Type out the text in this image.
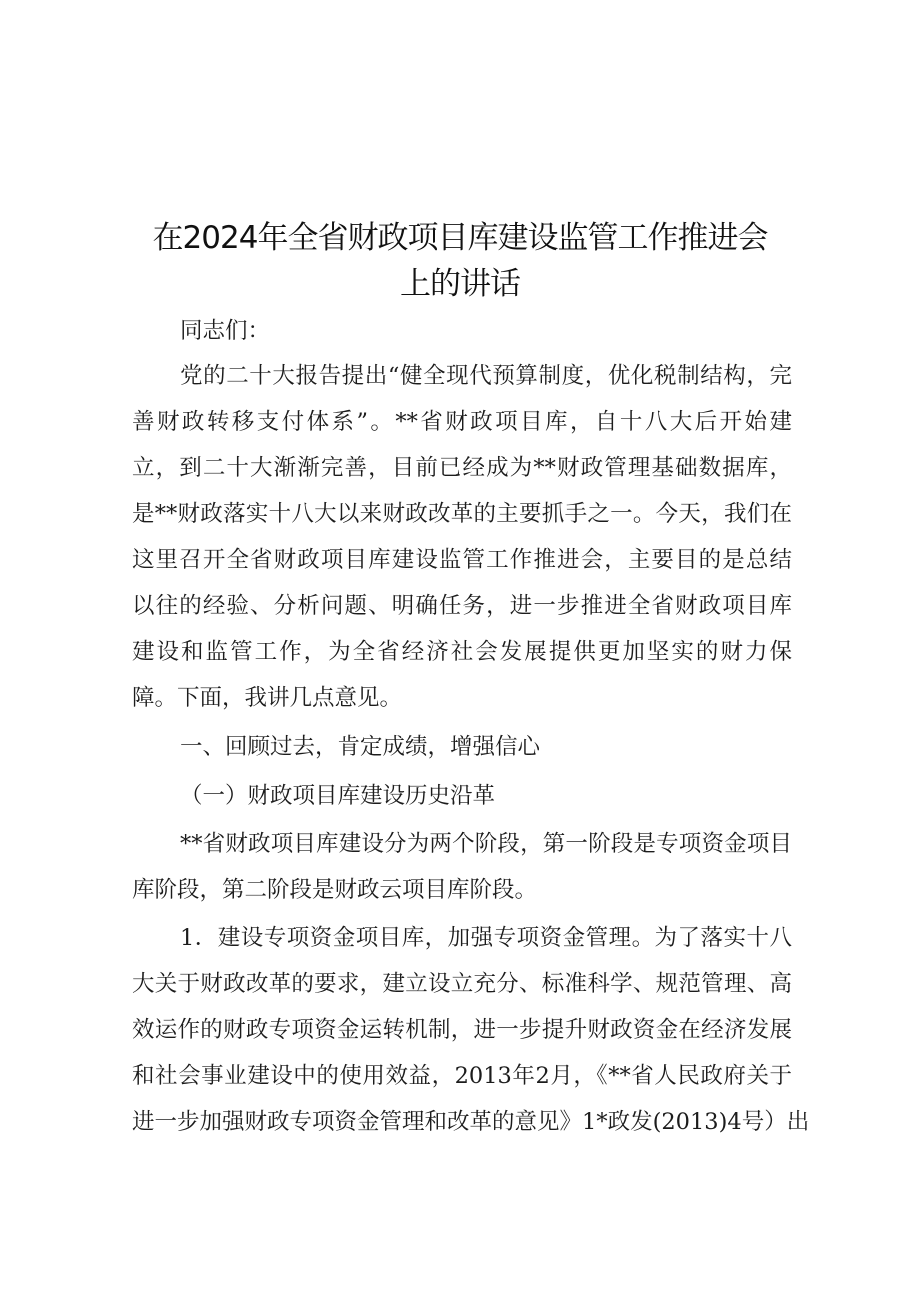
在2024年全省财政项目库建设监管工作推进会
上的讲话
同志们：
党的二十大报告提出“健全现代预算制度，优化税制结构，完
善财政转移支付体系”。**省财政项目库，自十八大后开始建
立，到二十大渐渐完善，目前已经成为**财政管理基础数据库，
是**财政落实十八大以来财政改革的主要抓手之一。今天，我们在
这里召开全省财政项目库建设监管工作推进会，主要目的是总结
以往的经验、分析问题、明确任务，进一步推进全省财政项目库
建设和监管工作，为全省经济社会发展提供更加坚实的财力保
障。下面，我讲几点意见。
一、回顾过去，肯定成绩，增强信心
（一）财政项目库建设历史沿革
**省财政项目库建设分为两个阶段，第一阶段是专项资金项目
库阶段，第二阶段是财政云项目库阶段。
1．建设专项资金项目库，加强专项资金管理。为了落实十八
大关于财政改革的要求，建立设立充分、标准科学、规范管理、高
效运作的财政专项资金运转机制，进一步提升财政资金在经济发展
和社会事业建设中的使用效益，2013年2月，《**省人民政府关于
进一步加强财政专项资金管理和改革的意见》1*政发(2013)4号）出
